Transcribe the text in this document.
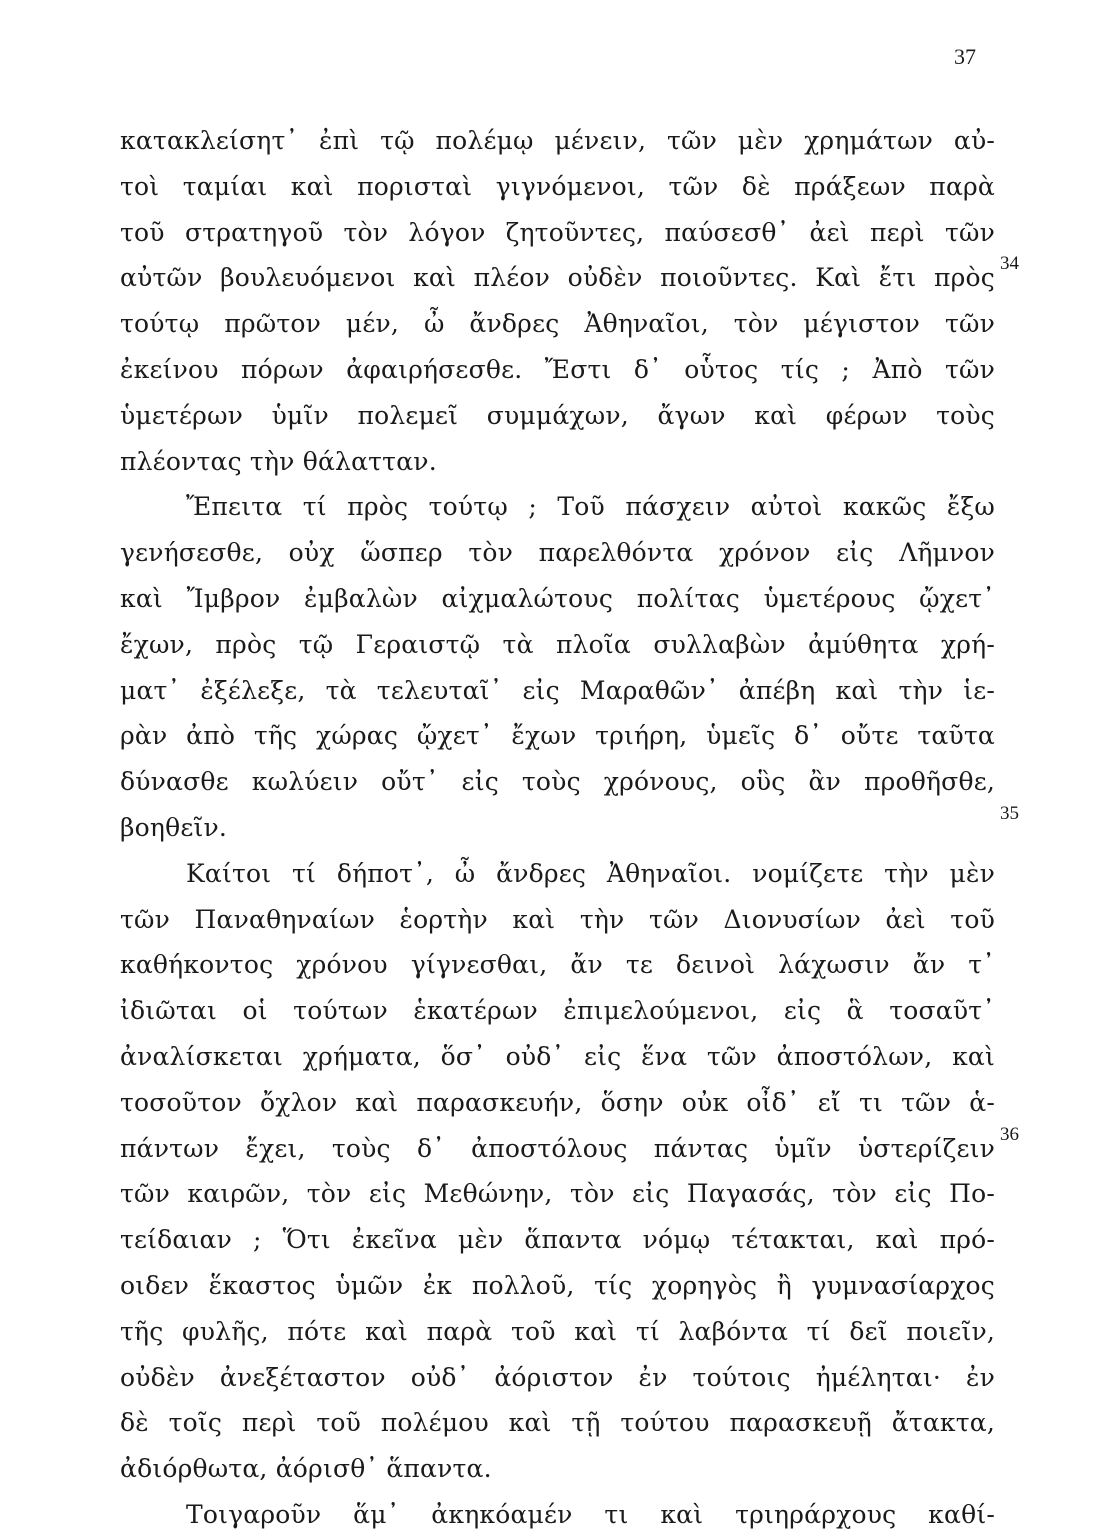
37
κατακλείσητ᾽ ἐπὶ τῷ πολέμῳ μένειν, τῶν μὲν χρημάτων αὐ-
τοὶ ταμίαι καὶ πορισταὶ γιγνόμενοι, τῶν δὲ πράξεων παρὰ
τοῦ στρατηγοῦ τὸν λόγον ζητοῦντες, παύσεσθ᾽ ἀεὶ περὶ τῶν
αὐτῶν βουλευόμενοι καὶ πλέον οὐδὲν ποιοῦντες. Καὶ ἔτι πρὸς
τούτῳ πρῶτον μέν, ὦ ἄνδρες Ἀθηναῖοι, τὸν μέγιστον τῶν
ἐκείνου πόρων ἀφαιρήσεσθε. Ἔστι δ᾽ οὗτος τίς ; Ἀπὸ τῶν
ὑμετέρων ὑμῖν πολεμεῖ συμμάχων, ἄγων καὶ φέρων τοὺς
πλέοντας τὴν θάλατταν.
Ἔπειτα τί πρὸς τούτῳ ; Τοῦ πάσχειν αὐτοὶ κακῶς ἔξω
γενήσεσθε, οὐχ ὥσπερ τὸν παρελθόντα χρόνον εἰς Λῆμνον
καὶ Ἴμβρον ἐμβαλὼν αἰχμαλώτους πολίτας ὑμετέρους ᾤχετ᾽
ἔχων, πρὸς τῷ Γεραιστῷ τὰ πλοῖα συλλαβὼν ἀμύθητα χρή-
ματ᾽ ἐξέλεξε, τὰ τελευταῖ᾽ εἰς Μαραθῶν᾽ ἀπέβη καὶ τὴν ἱε-
ρὰν ἀπὸ τῆς χώρας ᾤχετ᾽ ἔχων τριήρη, ὑμεῖς δ᾽ οὔτε ταῦτα
δύνασθε κωλύειν οὔτ᾽ εἰς τοὺς χρόνους, οὓς ἂν προθῆσθε,
βοηθεῖν.
Καίτοι τί δήποτ᾽, ὦ ἄνδρες Ἀθηναῖοι. νομίζετε τὴν μὲν
τῶν Παναθηναίων ἑορτὴν καὶ τὴν τῶν Διονυσίων ἀεὶ τοῦ
καθήκοντος χρόνου γίγνεσθαι, ἄν τε δεινοὶ λάχωσιν ἄν τ᾽
ἰδιῶται οἱ τούτων ἑκατέρων ἐπιμελούμενοι, εἰς ἃ τοσαῦτ᾽
ἀναλίσκεται χρήματα, ὅσ᾽ οὐδ᾽ εἰς ἕνα τῶν ἀποστόλων, καὶ
τοσοῦτον ὄχλον καὶ παρασκευήν, ὅσην οὐκ οἶδ᾽ εἴ τι τῶν ἁ-
πάντων ἔχει, τοὺς δ᾽ ἀποστόλους πάντας ὑμῖν ὑστερίζειν
τῶν καιρῶν, τὸν εἰς Μεθώνην, τὸν εἰς Παγασάς, τὸν εἰς Πο-
τείδαιαν ; Ὅτι ἐκεῖνα μὲν ἅπαντα νόμῳ τέτακται, καὶ πρό-
οιδεν ἕκαστος ὑμῶν ἐκ πολλοῦ, τίς χορηγὸς ἢ γυμνασίαρχος
τῆς φυλῆς, πότε καὶ παρὰ τοῦ καὶ τί λαβόντα τί δεῖ ποιεῖν,
οὐδὲν ἀνεξέταστον οὐδ᾽ ἀόριστον ἐν τούτοις ἠμέληται· ἐν
δὲ τοῖς περὶ τοῦ πολέμου καὶ τῇ τούτου παρασκευῇ ἄτακτα,
ἀδιόρθωτα, ἀόρισθ᾽ ἅπαντα.
Τοιγαροῦν ἅμ᾽ ἀκηκόαμέν τι καὶ τριηράρχους καθί-
34
35
36
